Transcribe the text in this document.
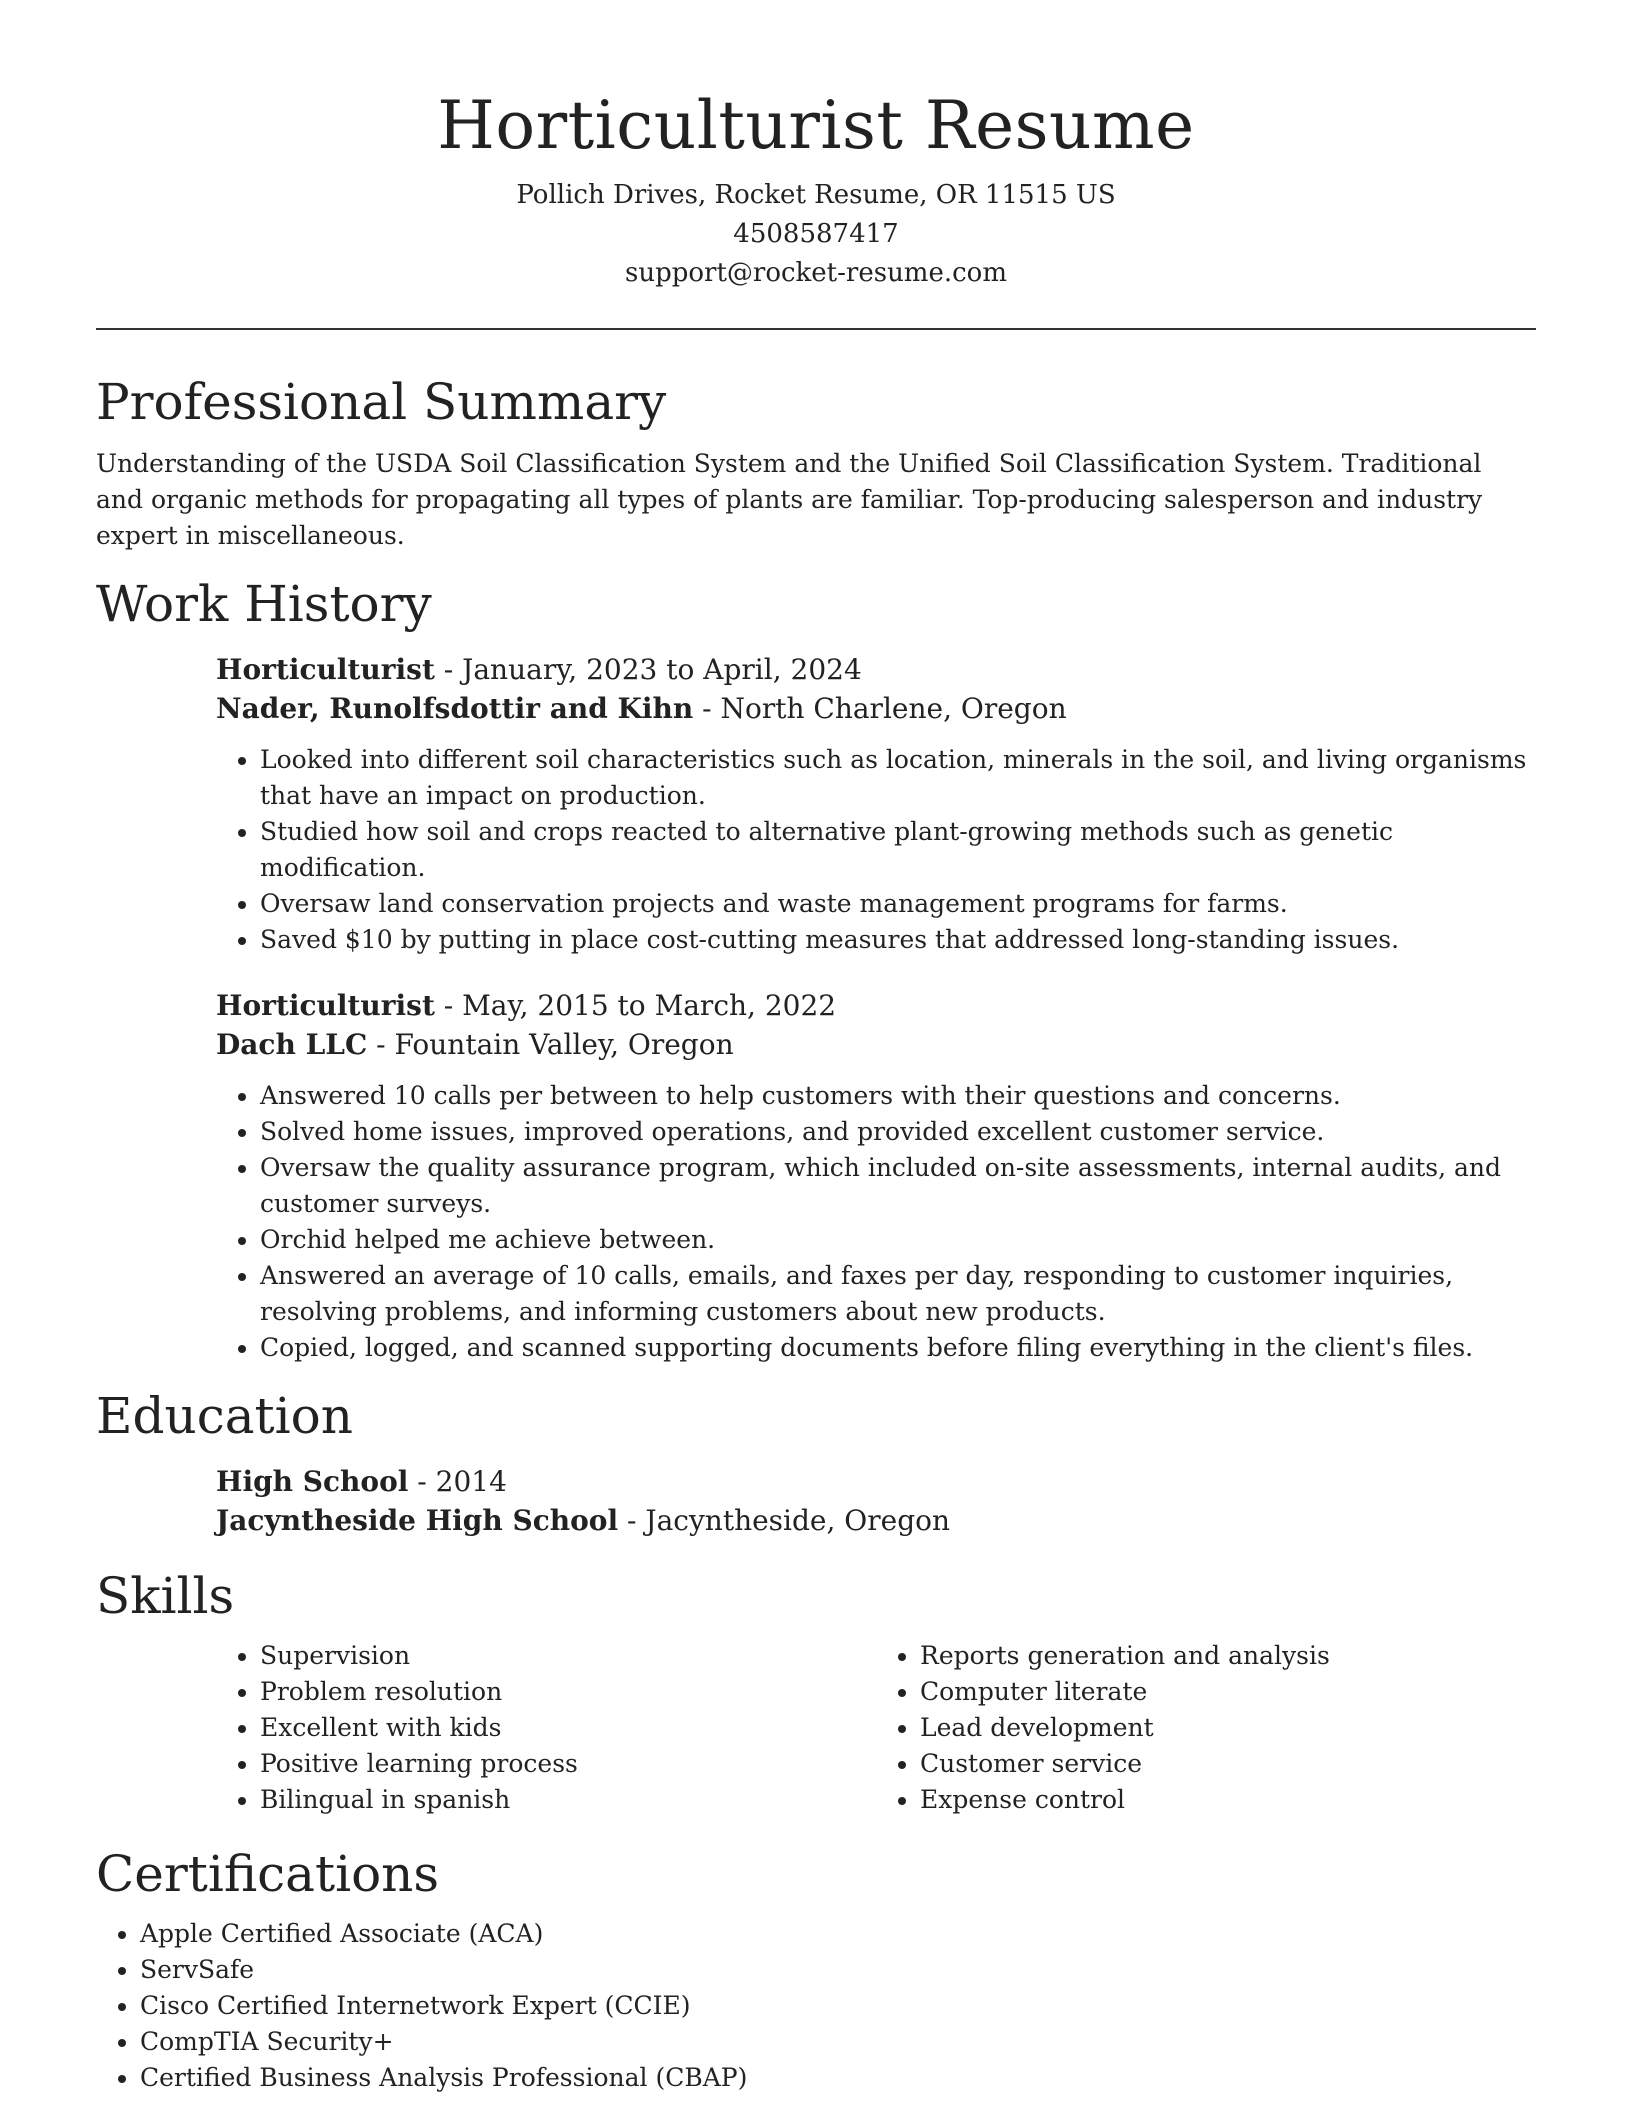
Horticulturist Resume
Pollich Drives, Rocket Resume, OR 11515 US
4508587417
support@rocket-resume.com
Professional Summary

Understanding of the USDA Soil Classification System and the Unified Soil Classification System. Traditional and organic methods for propagating all types of plants are familiar. Top-producing salesperson and industry expert in miscellaneous.

Work History
Horticulturist - January, 2023 to April, 2024
Nader, Runolfsdottir and Kihn - North Charlene, Oregon
• Looked into different soil characteristics such as location, minerals in the soil, and living organisms that have an impact on production.
• Studied how soil and crops reacted to alternative plant-growing methods such as genetic modification.
• Oversaw land conservation projects and waste management programs for farms.
• Saved $10 by putting in place cost-cutting measures that addressed long-standing issues.
Horticulturist - May, 2015 to March, 2022
Dach LLC - Fountain Valley, Oregon
• Answered 10 calls per between to help customers with their questions and concerns.
• Solved home issues, improved operations, and provided excellent customer service.
• Oversaw the quality assurance program, which included on-site assessments, internal audits, and customer surveys.
• Orchid helped me achieve between.
• Answered an average of 10 calls, emails, and faxes per day, responding to customer inquiries, resolving problems, and informing customers about new products.
• Copied, logged, and scanned supporting documents before filing everything in the client's files.
Education
High School - 2014
Jacyntheside High School - Jacyntheside, Oregon
Skills
• Supervision
• Problem resolution
• Excellent with kids
• Positive learning process
• Bilingual in spanish
• Reports generation and analysis
• Computer literate
• Lead development
• Customer service
• Expense control
Certifications
• Apple Certified Associate (ACA)
• ServSafe
• Cisco Certified Internetwork Expert (CCIE)
• CompTIA Security+
• Certified Business Analysis Professional (CBAP)
